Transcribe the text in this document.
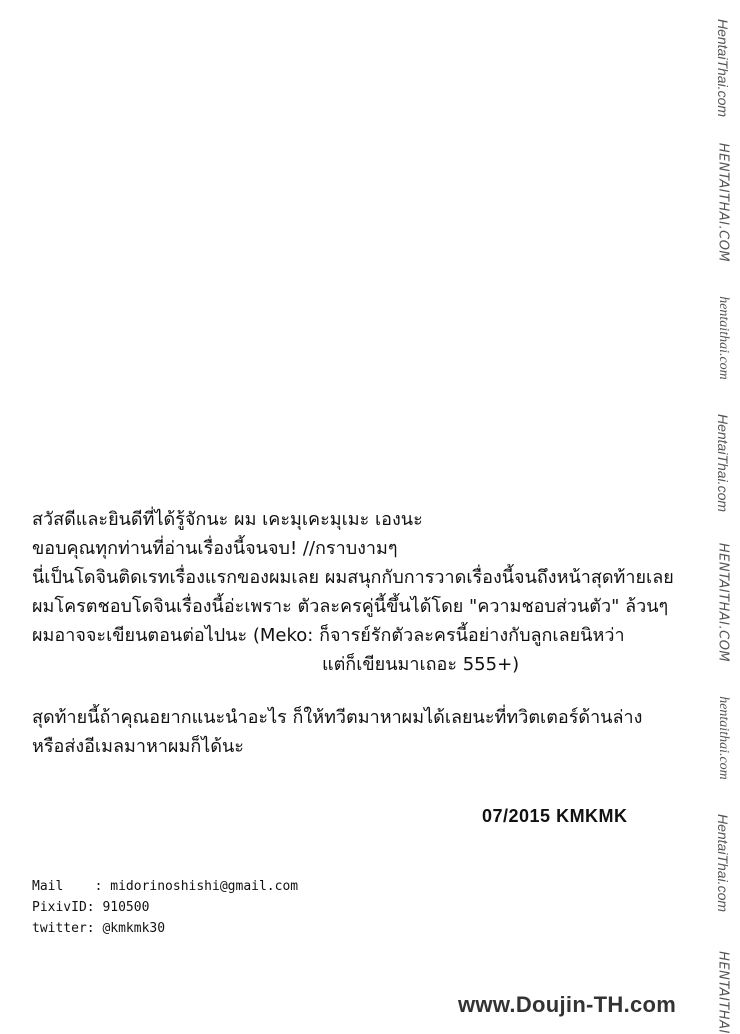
HentaiThai.com
HENTAITHAI.COM
hentaithai.com
HentaiThai.com
HENTAITHAI.COM
hentaithai.com
HentaiThai.com
HENTAITHAI
สวัสดีและยินดีที่ได้รู้จักนะ ผม เคะมุเคะมุเมะ เองนะ
ขอบคุณทุกท่านที่อ่านเรื่องนี้จนจบ! //กราบงามๆ
นี่เป็นโดจินติดเรทเรื่องแรกของผมเลย ผมสนุกกับการวาดเรื่องนี้จนถึงหน้าสุดท้ายเลย
ผมโครตชอบโดจินเรื่องนี้อ่ะเพราะ ตัวละครคู่นี้ขึ้นได้โดย "ความชอบส่วนตัว" ล้วนๆ
ผมอาจจะเขียนตอนต่อไปนะ (Meko: ก็จารย์รักตัวละครนี้อย่างกับลูกเลยนิหว่า
แต่ก็เขียนมาเถอะ 555+)
สุดท้ายนี้ถ้าคุณอยากแนะนำอะไร ก็ให้ทวีตมาหาผมได้เลยนะที่ทวิตเตอร์ด้านล่าง
หรือส่งอีเมลมาหาผมก็ได้นะ
07/2015 KMKMK
Mail    : midorinoshishi@gmail.com
PixivID: 910500
twitter: @kmkmk30
www.Doujin-TH.com
